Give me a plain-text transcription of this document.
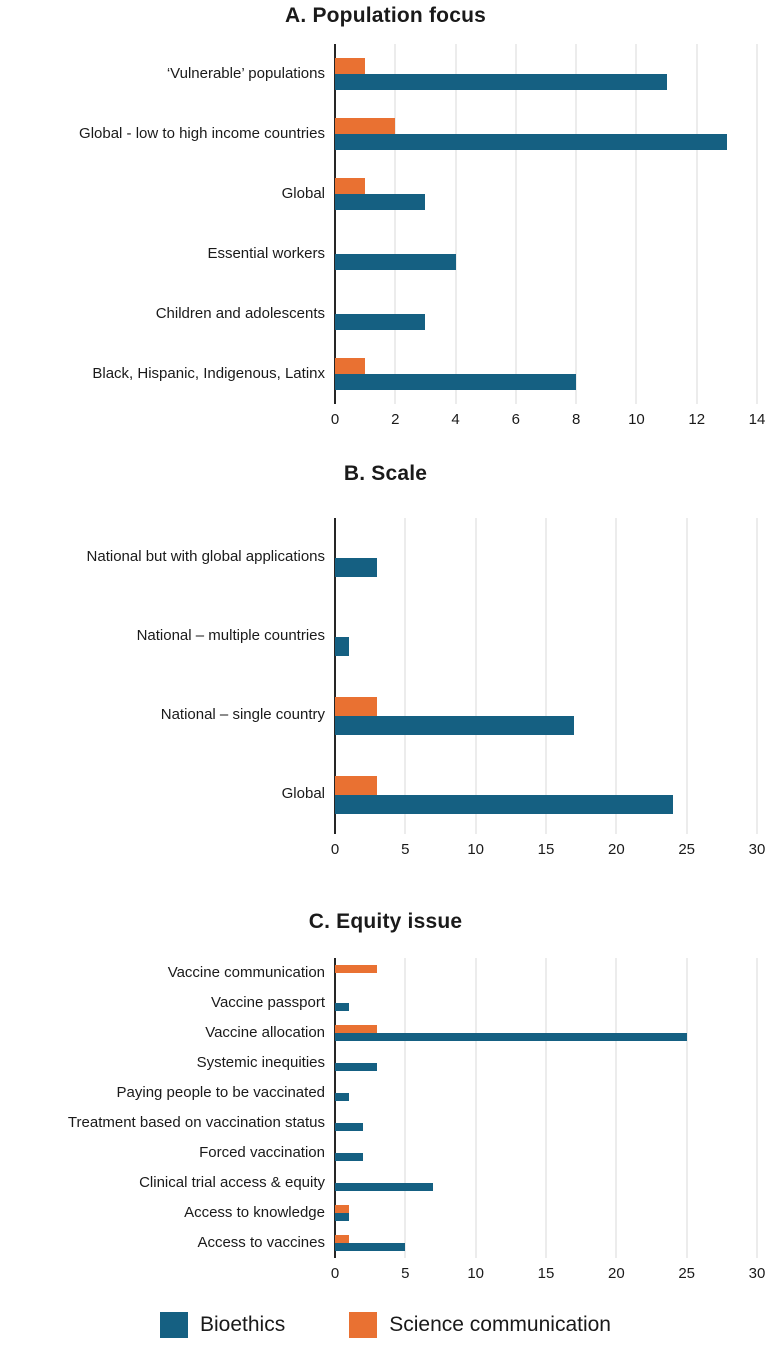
A. Population focus
‘Vulnerable’ populations
Global - low to high income countries
Global
Essential workers
Children and adolescents
Black, Hispanic, Indigenous, Latinx
0	2	4	6	8	10	12	14
B. Scale
National but with global applications
National – multiple countries
National – single country
Global
0	5	10	15	20	25	30
C. Equity issue
Vaccine communication
Vaccine passport
Vaccine allocation
Systemic inequities
Paying people to be vaccinated
Treatment based on vaccination status
Forced vaccination
Clinical trial access & equity
Access to knowledge
Access to vaccines
0	5	10	15	20	25	30
Bioethics	Science communication
